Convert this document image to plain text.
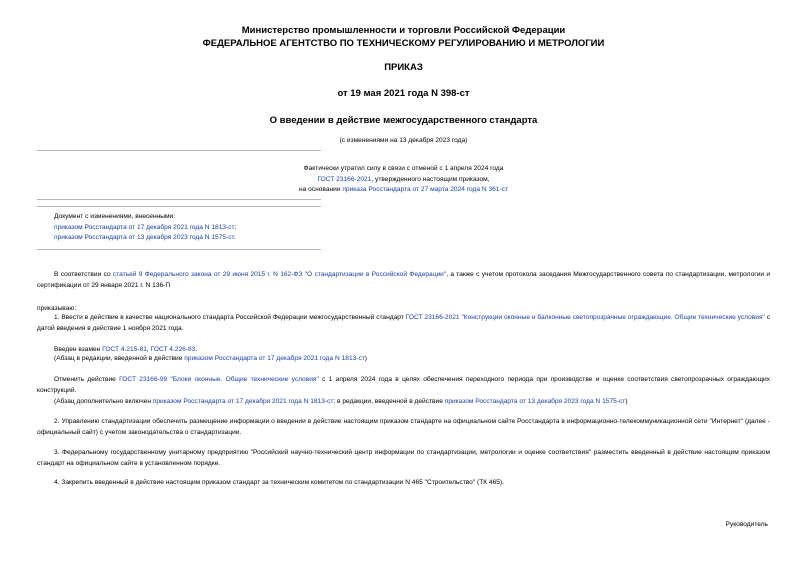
Министерство промышленности и торговли Российской Федерации
ФЕДЕРАЛЬНОЕ АГЕНТСТВО ПО ТЕХНИЧЕСКОМУ РЕГУЛИРОВАНИЮ И МЕТРОЛОГИИ
ПРИКАЗ
от 19 мая 2021 года N 398-ст
О введении в действие межгосударственного стандарта
(с изменениями на 13 декабря 2023 года)
Фактически утратил силу в связи с отменой с 1 апреля 2024 года
ГОСТ 23166-2021, утвержденного настоящим приказом,
на основании приказа Росстандарта от 27 марта 2024 года N 361-ст
Документ с изменениями, внесенными:
приказом Росстандарта от 17 декабря 2021 года N 1813-ст;
приказом Росстандарта от 13 декабря 2023 года N 1575-ст.
В соответствии со статьей 9 Федерального закона от 29 июня 2015 г. N 162-ФЗ "О стандартизации в Российской Федерации", а также с учетом протокола заседания Межгосударственного совета по стандартизации, метрологии и сертификации от 29 января 2021 г. N 136-П
приказываю:
1. Ввести в действие в качестве национального стандарта Российской Федерации межгосударственный стандарт ГОСТ 23166-2021 "Конструкции оконные и балконные светопрозрачные ограждающие. Общие технические условия" с датой введения в действие 1 ноября 2021 года.
Введен взамен ГОСТ 4.215-81, ГОСТ 4.226-83.
(Абзац в редакции, введенной в действие приказом Росстандарта от 17 декабря 2021 года N 1813-ст)
Отменить действие ГОСТ 23166-99 "Блоки оконные. Общие технические условия" с 1 апреля 2024 года в целях обеспечения переходного периода при производстве и оценке соответствия светопрозрачных ограждающих конструкций.
(Абзац дополнительно включен приказом Росстандарта от 17 декабря 2021 года N 1813-ст; в редакции, введенной в действие приказом Росстандарта от 13 декабря 2023 года N 1575-ст)
2. Управлению стандартизации обеспечить размещение информации о введении в действие настоящим приказом стандарте на официальном сайте Росстандарта в информационно-телекоммуникационной сети "Интернет" (далее - официальный сайт) с учетом законодательства о стандартизации.
3. Федеральному государственному унитарному предприятию "Российский научно-технический центр информации по стандартизации, метрологии и оценке соответствия" разместить введенный в действие настоящим приказом стандарт на официальном сайте в установленном порядке.
4. Закрепить введенный в действие настоящим приказом стандарт за техническим комитетом по стандартизации N 465 "Строительство" (ТК 465).
Руководитель
